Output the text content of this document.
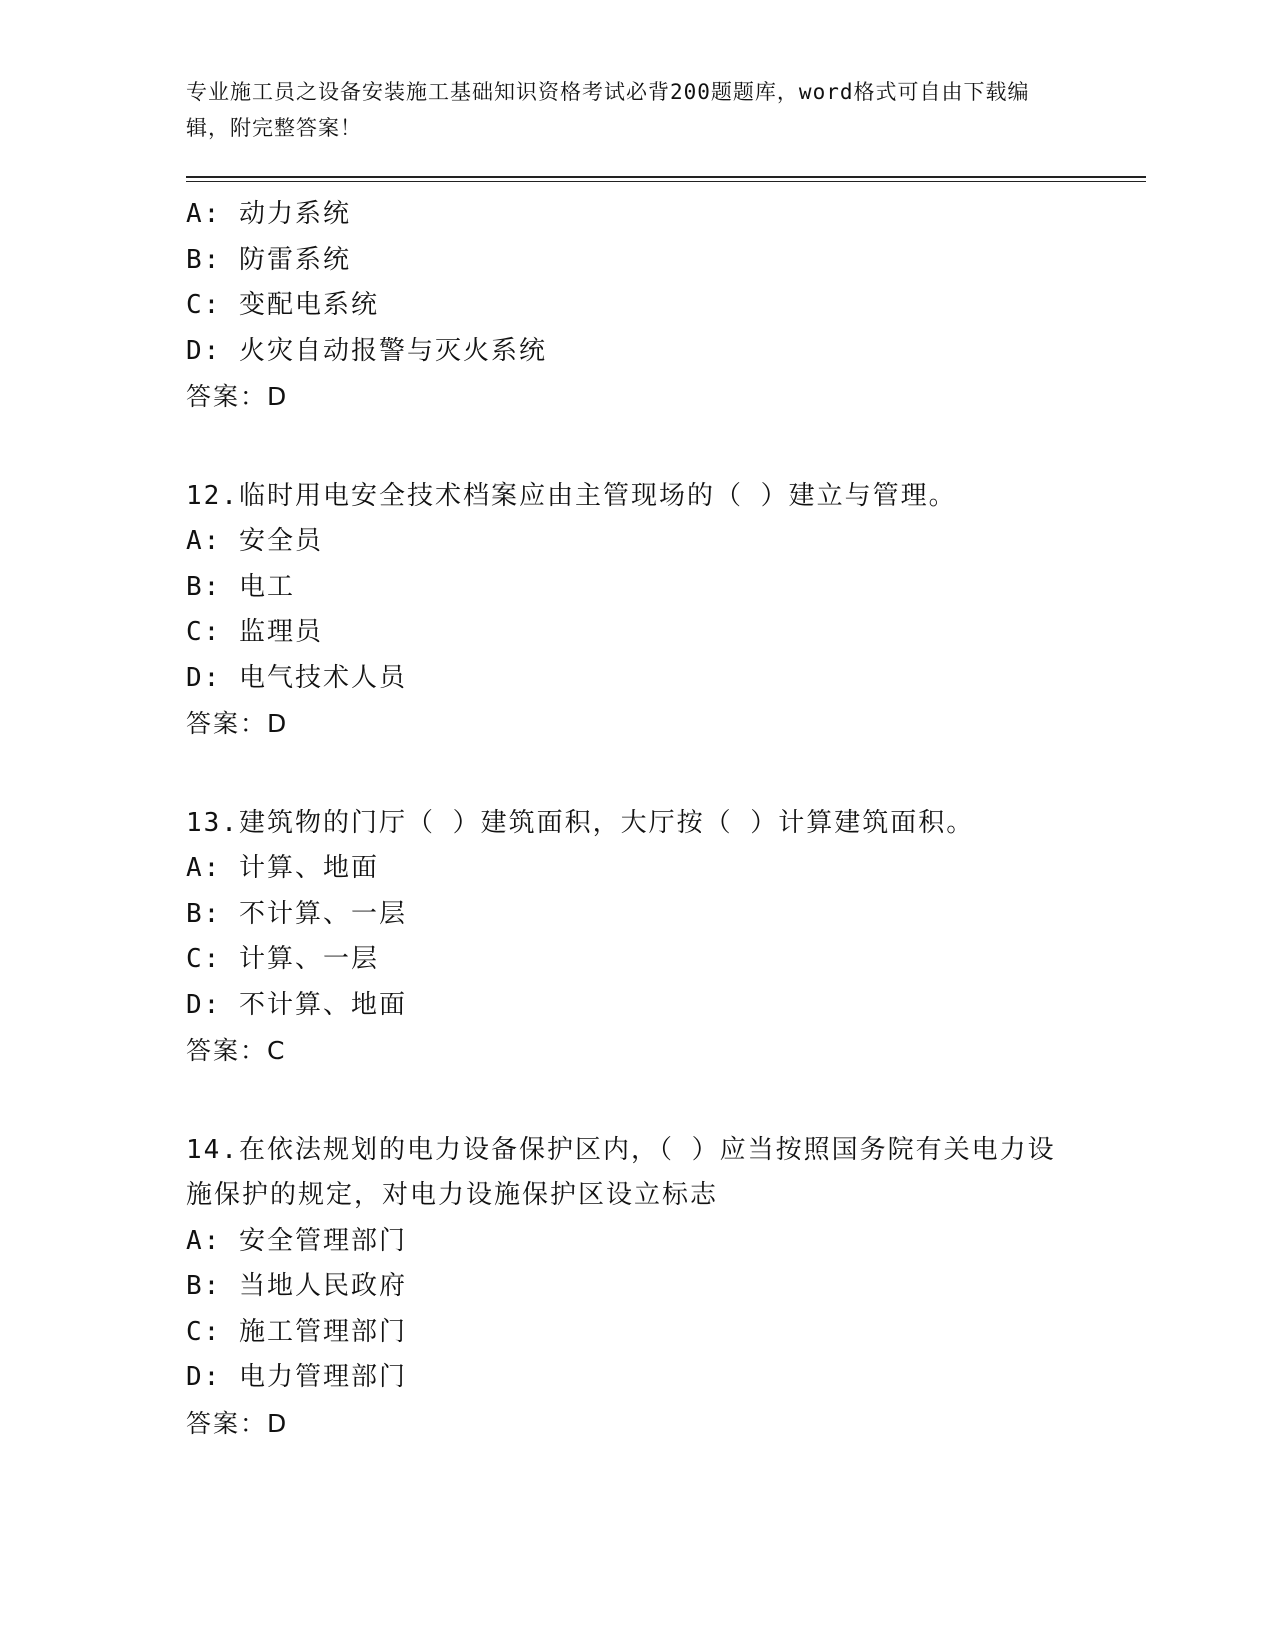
专业施工员之设备安装施工基础知识资格考试必背200题题库，word格式可自由下载编辑，附完整答案！
A: 动力系统
B: 防雷系统
C: 变配电系统
D: 火灾自动报警与灭火系统
答案：D
12.临时用电安全技术档案应由主管现场的（ ）建立与管理。
A: 安全员
B: 电工
C: 监理员
D: 电气技术人员
答案：D
13.建筑物的门厅（ ）建筑面积，大厅按（ ）计算建筑面积。
A: 计算、地面
B: 不计算、一层
C: 计算、一层
D: 不计算、地面
答案：C
14.在依法规划的电力设备保护区内，（ ）应当按照国务院有关电力设施保护的规定，对电力设施保护区设立标志
A: 安全管理部门
B: 当地人民政府
C: 施工管理部门
D: 电力管理部门
答案：D
